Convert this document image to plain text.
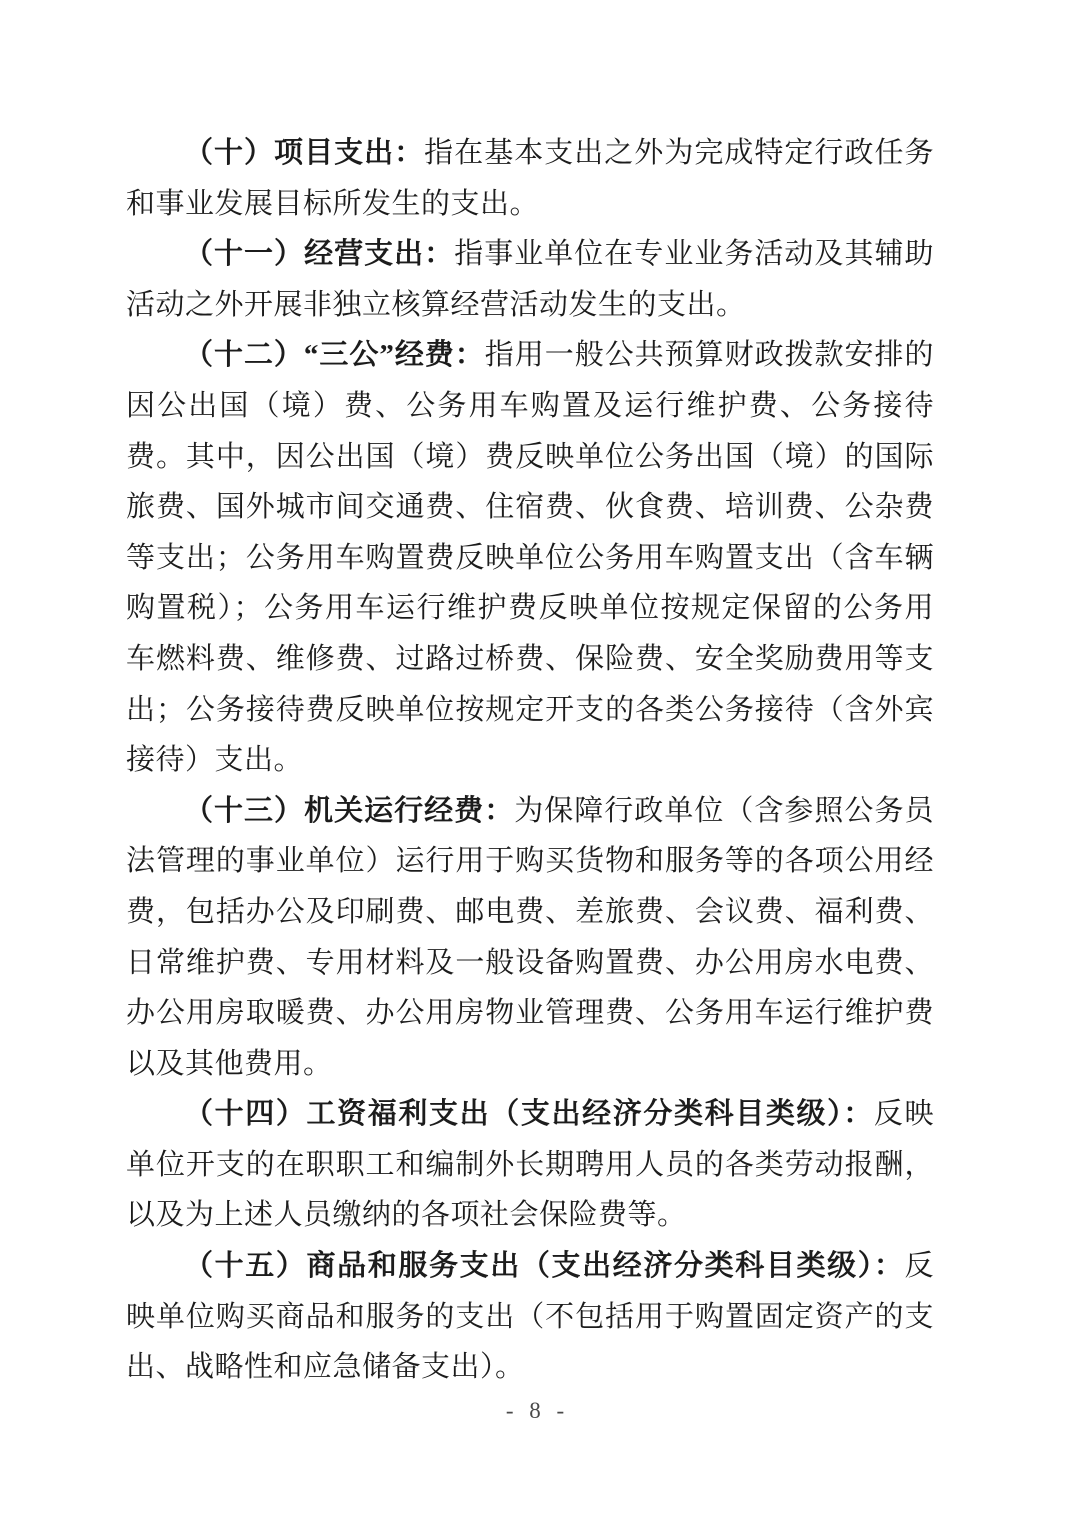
（十）项目支出：指在基本支出之外为完成特定行政任务和事业发展目标所发生的支出。

（十一）经营支出：指事业单位在专业业务活动及其辅助活动之外开展非独立核算经营活动发生的支出。

（十二）“三公”经费：指用一般公共预算财政拨款安排的因公出国（境）费、公务用车购置及运行维护费、公务接待费。其中，因公出国（境）费反映单位公务出国（境）的国际旅费、国外城市间交通费、住宿费、伙食费、培训费、公杂费等支出；公务用车购置费反映单位公务用车购置支出（含车辆购置税）；公务用车运行维护费反映单位按规定保留的公务用车燃料费、维修费、过路过桥费、保险费、安全奖励费用等支出；公务接待费反映单位按规定开支的各类公务接待（含外宾接待）支出。

（十三）机关运行经费：为保障行政单位（含参照公务员法管理的事业单位）运行用于购买货物和服务等的各项公用经费，包括办公及印刷费、邮电费、差旅费、会议费、福利费、日常维护费、专用材料及一般设备购置费、办公用房水电费、办公用房取暖费、办公用房物业管理费、公务用车运行维护费以及其他费用。

（十四）工资福利支出（支出经济分类科目类级）：反映单位开支的在职职工和编制外长期聘用人员的各类劳动报酬，以及为上述人员缴纳的各项社会保险费等。

（十五）商品和服务支出（支出经济分类科目类级）：反映单位购买商品和服务的支出（不包括用于购置固定资产的支出、战略性和应急储备支出）。

- 8 -
